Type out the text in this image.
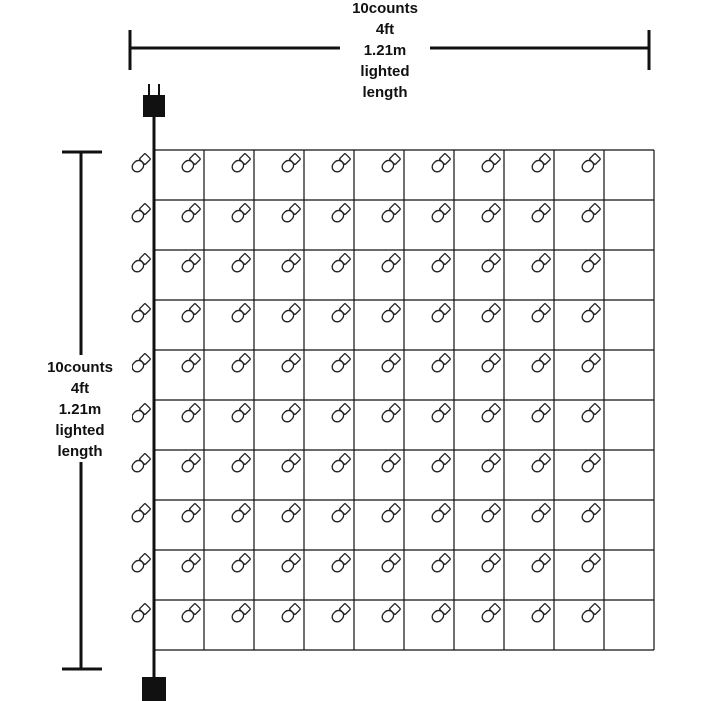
10counts
4ft
1.21m
lighted
length
10counts
4ft
1.21m
lighted
length
